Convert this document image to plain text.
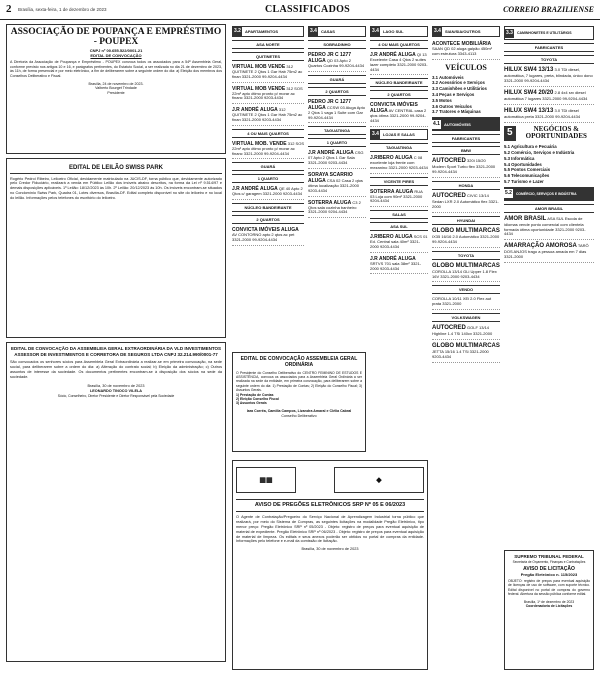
2 Brasília, sexta-feira, 1 de dezembro de 2023	CLASSIFICADOS	CORREIO BRAZILIENSE
ASSOCIAÇÃO DE POUPANÇA E EMPRÉSTIMO - POUPEX
CNPJ nº 00.655.522/0001-21
EDITAL DE CONVOCAÇÃO
A Diretoria da Associação de Poupança e Empréstimo - POUPEX convoca todos os associados para a 54ª Assembleia Geral, conforme previsto nos artigos 10 e 16, e parágrafos pertinentes, do Estatuto Social, a ser realizada no dia 21 de dezembro de 2023, às 11h, de forma presencial e por meio eletrônico, a fim de deliberarem sobre a seguinte ordem do dia: a) Eleição dos membros dos Conselhos Deliberativo e Fiscal.
Brasília, 24 de novembro de 2023.
Valberto Bourget Trindade
Presidente
EDITAL DE LEILÃO SWISS PARK
Rogério Pedroi Ribeiro, Leiloeiro Oficial, devidamente matriculado na JUCIS-DF, torna público que, devidamente autorizado pelo Credor Fiduciário, realizará a venda em Público Leilão dos imóveis abaixo descritos, na forma da Lei nº 9.514/97 e demais disposições aplicáveis. 1º Leilão: 18/12/2023 às 10h. 2º Leilão: 20/12/2023 às 10h. Os imóveis encontram-se situados no Condomínio Swiss Park, Quadra 01, Lotes diversos, Brasília-DF. Edital completo disponível no site do leiloeiro e no local do leilão. Informações pelos telefones do escritório do leiloeiro.
EDITAL DE CONVOCAÇÃO DA ASSEMBLEIA GERAL EXTRAORDINÁRIA DA VLD INVESTIMENTOS ASSESSOR DE INVESTIMENTOS E CORRETORA DE SEGUROS LTDA CNPJ 32.214.990/0001-77
São convocados os senhores sócios para Assembleia Geral Extraordinária a realizar-se em primeira convocação, na sede social, para deliberarem sobre a ordem do dia: a) Alteração do contrato social; b) Eleição da administração; c) Outros assuntos de interesse da sociedade. Os documentos pertinentes encontram-se à disposição dos sócios na sede da sociedade.
Brasília, 30 de novembro de 2023
LEONARDO TINOCO VILELA
Sócio, Conselheiro, Diretor Presidente e Diretor Responsável pela Sociedade
3.2 APARTAMENTOS
ASA NORTE
QUITINETES
VIRTUAL MOB VENDE 312 QUITINETE 2 Qtos 1 Gar Hab 75m2 ac finan 3321-2000 99-9204-4434
VIRTUAL MOB VENDE 312 SOS 22m² apto ótimo pronto p/ morar ac financ 3321-2000 9203-4434
J.R ANDRÉ ALUGA 312 QUITINETE 2 Qtos 1 Gar Hab 75m2 ac finan 3321-2000 9203-4434
4 OU MAIS QUARTOS
VIRTUAL MOB. VENDE 312 SOS 22m² apto ótimo pronto p/ morar ac financ 3321-2000 99-9204-4434
GUARÁ
1 QUARTO
J.R ANDRÉ ALUGA QE 40 Apto 2 Qtos c/ garagem 3321-2000 9203-4434
NÚCLEO BANDEIRANTE
2 QUARTOS
CONVICTA IMÓVEIS ALUGA AV CONTORNO apto 2 qtos ac pet 3321-2000 99-9204-4434
3.4 CASAS
SOBRADINHO
PEDRO JR C 1277 ALUGA QD 03 Apto 2 Quartos Cozinha 99-9204-4434
GUARÁ
2 QUARTOS
PEDRO JR C 1277 ALUGA CCSW 03 Aluga Apto 2 Qtos 1 vaga 1 Suite com Gar 99-9204-4434
TAGUATINGA
1 QUARTO
J.R ANDRÉ ALUGA CSG 07 Apto 2 Qtos 1 Gar Sala 3321-2000 9203-4434
SORAYA SCARRIO ALUGA CSA 02 Casa 2 qtos ótima localização 3321-2000 9203-4434
SOTERRA ALUGA C3 2 Qtos sala cozinha banheiro 3321-2000 9204-4434
3.4 LAGO SUL
4 OU MAIS QUARTOS
J.R ANDRÉ ALUGA QI 13 Excelente Casa 4 Qtos 2 suítes lazer completo 3321-2000 9203-4434
NÚCLEO BANDEIRANTE
2 QUARTOS
CONVICTA IMÓVEIS ALUGA AV CENTRAL casa 2 qtos ótima 3321-2000 99-9204-4434
3.4 LOJAS E SALAS
TAGUATINGA
J.RIBERO ALUGA C 08 excelente loja frente com mezanino 3321-2000 9203-4434
VICENTE PIRES
SOTERRA ALUGA RUA 03 Loja com 90m² 3321-2000 9204-4434
SALAS
ASA SUL
J.RIBERO ALUGA SCS 01 Ed. Central sala 40m² 3321-2000 9203-4434
J.R ANDRÉ ALUGA SRTVS 701 sala 38m² 3321-2000 9203-4434
EDITAL DE CONVOCAÇÃO ASSEMBLEIA GERAL ORDINÁRIA
O Presidente do Conselho Deliberativo do CENTRO FEMININO DE ESTUDOS E ASSISTÊNCIA, convoca os associados para a Assembleia Geral Ordinária a ser realizada na sede da entidade, em primeira convocação, para deliberarem sobre a seguinte ordem do dia: 1) Prestação de Contas; 2) Eleição do Conselho Fiscal; 3) Assuntos Gerais.
1) Prestação de Contas
2) Eleição Conselho Fiscal
3) Assuntos Gerais
Iara Corrêa, Camilla Campos, Lizandra Amaral e Clélia Cabral
Conselho Deliberativo
▦▦	◆
AVISO DE PREGÕES ELETRÔNICOS SRP Nº 05 E 06/2023
O Agente de Contratação/Pregoeiro do Serviço Nacional de Aprendizagem Industrial torna público que realizará, por meio do Sistema de Compras, as seguintes licitações na modalidade Pregão Eletrônico, tipo menor preço: Pregão Eletrônico SRP nº 05/2023 - Objeto: registro de preços para eventual aquisição de material de expediente. Pregão Eletrônico SRP nº 06/2023 - Objeto: registro de preços para eventual aquisição de material de limpeza. Os editais e seus anexos poderão ser obtidos no portal de compras da entidade. Informações pelo telefone e e-mail da comissão de licitação.
Brasília, 30 de novembro de 2023
3.4 SIAN/SIA/OUTROS
ACONTECE MOBILIÁRIA SAAN QD 02 aluga galpão 450m² com estrutura 3343-4113
VEÍCULOS
3.1 Automóveis
3.2 Acessórios e Serviços
3.3 Caminhões e Utilitários
3.4 Peças e Serviços
3.5 Motos
3.6 Outros Veículos
3.7 Tratores e Máquinas
4.1 AUTOMÓVEIS
FABRICANTES
BMW
AUTOCRED 320i 15/20 Modern Sport Turbo flex 3321-2000 99-9204-4434
HONDA
AUTOCRED CIVIC 13/14 Sedan LXR 2.0 Automático flex 3321-2000
HYUNDAI
GLOBO MULTIMARCAS IX35 16/16 2.0 Automático 3321-2000 99-9204-4434
TOYOTA
GLOBO MULTIMARCAS COROLLA 13/14 GLi Upper 1.8 Flex 16V 3321-2000 9203-4434
VENDO
COROLLA 10/11 XEi 2.0 Flex aut prata 3321-2000
VOLKSWAGEN
AUTOCRED GOLF 13/14 Highline 1.4 TSi 140cv 3321-2000
GLOBO MULTIMARCAS JETTA 15/16 1.4 TSi 3321-2000 9203-4434
3.3 CAMINHONETES E UTILITÁRIOS
FABRICANTES
TOYOTA
HILUX SW4 13/13 3.0 TDi diesel, automática, 7 lugares, preta, blindada, único dono 3321-2000 99-9204-4434
HILUX SW4 20/20 2.8 4x4 srx diesel automática 7 lugares 3321-2000 99-9204-4434
HILUX SW4 13/13 3.0 TDi diesel automática preta 3321-2000 99-9204-4434
5	NEGÓCIOS & OPORTUNIDADES
5.1 Agricultura e Pecuária
5.2 Comércio, Serviços e Indústria
5.3 Informática
5.4 Oportunidades
5.5 Pontos Comerciais
5.6 Telecomunicações
5.7 Turismo e Lazer
5.2 COMÉRCIO, SERVIÇOS E INDÚSTRIA
AMOR BRASIL
AMOR BRASIL ASA SUL Escola de idiomas vende ponto comercial com clientela formada ótima oportunidade 3321-2000 9203-4434
AMARRAÇÃO AMOROSA TARÔ DOS ANJOS trago a pessoa amada em 7 dias 3321-2000
SUPREMO TRIBUNAL FEDERAL
Secretaria de Orçamento, Finanças e Contratações
AVISO DE LICITAÇÃO
Pregão Eletrônico n. 115/2023
OBJETO: registro de preços para eventual aquisição de licenças de uso de software, com suporte técnico. Edital disponível no portal de compras do governo federal. Abertura da sessão pública conforme edital.
Brasília, 1º de dezembro de 2023
Coordenadoria de Licitações
